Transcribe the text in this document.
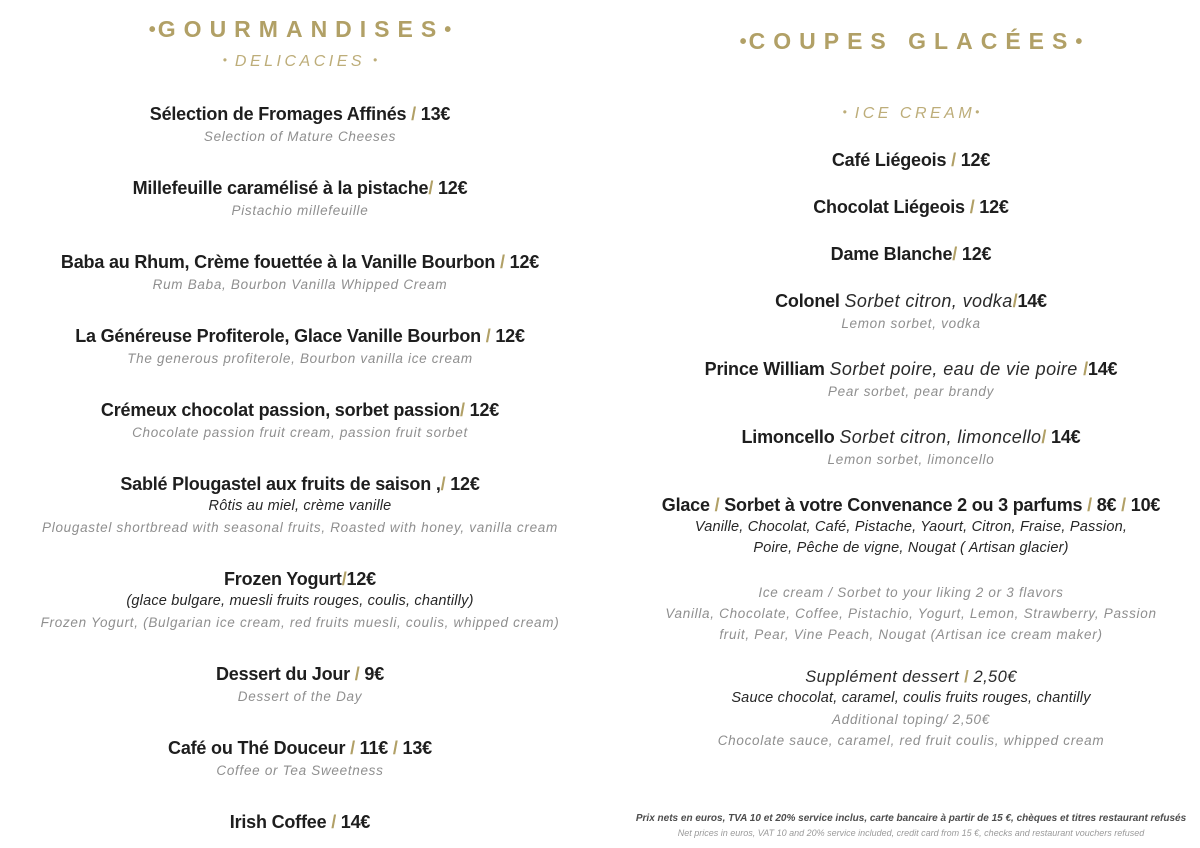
•GOURMANDISES•
• DELICACIES •
Sélection de Fromages Affinés / 13€
Selection of Mature Cheeses
Millefeuille caramélisé à la pistache/ 12€
Pistachio millefeuille
Baba au Rhum, Crème fouettée à la Vanille Bourbon / 12€
Rum Baba, Bourbon Vanilla Whipped Cream
La Généreuse Profiterole, Glace Vanille Bourbon / 12€
The generous profiterole, Bourbon vanilla ice cream
Crémeux chocolat passion, sorbet passion/ 12€
Chocolate passion fruit cream, passion fruit sorbet
Sablé Plougastel aux fruits de saison ,/ 12€
Rôtis au miel, crème vanille
Plougastel shortbread with seasonal fruits, Roasted with honey, vanilla cream
Frozen Yogurt/12€
(glace bulgare, muesli fruits rouges, coulis, chantilly)
Frozen Yogurt, (Bulgarian ice cream, red fruits muesli, coulis, whipped cream)
Dessert du Jour / 9€
Dessert of the Day
Café ou Thé Douceur / 11€ / 13€
Coffee or Tea Sweetness
Irish Coffee / 14€
•COUPES GLACÉES•
• ICE CREAM•
Café Liégeois / 12€
Chocolat Liégeois / 12€
Dame Blanche/ 12€
Colonel Sorbet citron, vodka/14€
Lemon sorbet, vodka
Prince William Sorbet poire, eau de vie poire /14€
Pear sorbet, pear brandy
Limoncello Sorbet citron, limoncello/ 14€
Lemon sorbet, limoncello
Glace / Sorbet à votre Convenance 2 ou 3 parfums / 8€ / 10€
Vanille, Chocolat, Café, Pistache, Yaourt, Citron, Fraise, Passion,
Poire, Pêche de vigne, Nougat ( Artisan glacier)
Ice cream / Sorbet to your liking 2 or 3 flavors
Vanilla, Chocolate, Coffee, Pistachio, Yogurt, Lemon, Strawberry, Passion
fruit, Pear, Vine Peach, Nougat (Artisan ice cream maker)
Supplément dessert / 2,50€
Sauce chocolat, caramel, coulis fruits rouges, chantilly
Additional toping/ 2,50€
Chocolate sauce, caramel, red fruit coulis, whipped cream
Prix nets en euros, TVA 10 et 20% service inclus, carte bancaire à partir de 15 €, chèques et titres restaurant refusés
Net prices in euros, VAT 10 and 20% service included, credit card from 15 €, checks and restaurant vouchers refused
